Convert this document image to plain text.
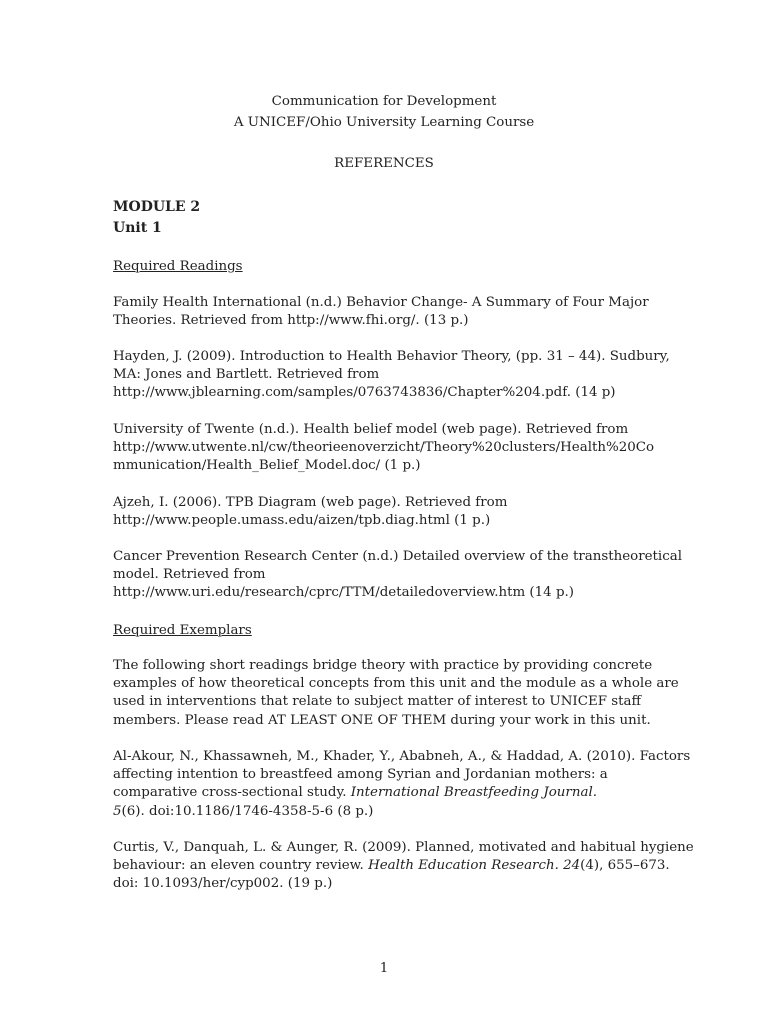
Communication for Development

A UNICEF/Ohio University Learning Course

REFERENCES

MODULE 2

Unit 1

Required Readings

Family Health International (n.d.) Behavior Change- A Summary of Four Major
Theories. Retrieved from http://www.fhi.org/. (13 p.)

Hayden, J. (2009). Introduction to Health Behavior Theory, (pp. 31 – 44). Sudbury,
MA: Jones and Bartlett. Retrieved from
http://www.jblearning.com/samples/0763743836/Chapter%204.pdf. (14 p)

University of Twente (n.d.). Health belief model (web page). Retrieved from
http://www.utwente.nl/cw/theorieenoverzicht/Theory%20clusters/Health%20Co
mmunication/Health_Belief_Model.doc/ (1 p.)

Ajzeh, I. (2006). TPB Diagram (web page). Retrieved from
http://www.people.umass.edu/aizen/tpb.diag.html (1 p.)

Cancer Prevention Research Center (n.d.) Detailed overview of the transtheoretical
model. Retrieved from
http://www.uri.edu/research/cprc/TTM/detailedoverview.htm (14 p.)

Required Exemplars

The following short readings bridge theory with practice by providing concrete
examples of how theoretical concepts from this unit and the module as a whole are
used in interventions that relate to subject matter of interest to UNICEF staff
members. Please read AT LEAST ONE OF THEM during your work in this unit.

Al-Akour, N., Khassawneh, M., Khader, Y., Ababneh, A., & Haddad, A. (2010). Factors
affecting intention to breastfeed among Syrian and Jordanian mothers: a
comparative cross-sectional study. International Breastfeeding Journal.
5(6). doi:10.1186/1746-4358-5-6 (8 p.)

Curtis, V., Danquah, L. & Aunger, R. (2009). Planned, motivated and habitual hygiene
behaviour: an eleven country review. Health Education Research. 24(4), 655–673.
doi: 10.1093/her/cyp002. (19 p.)

1
